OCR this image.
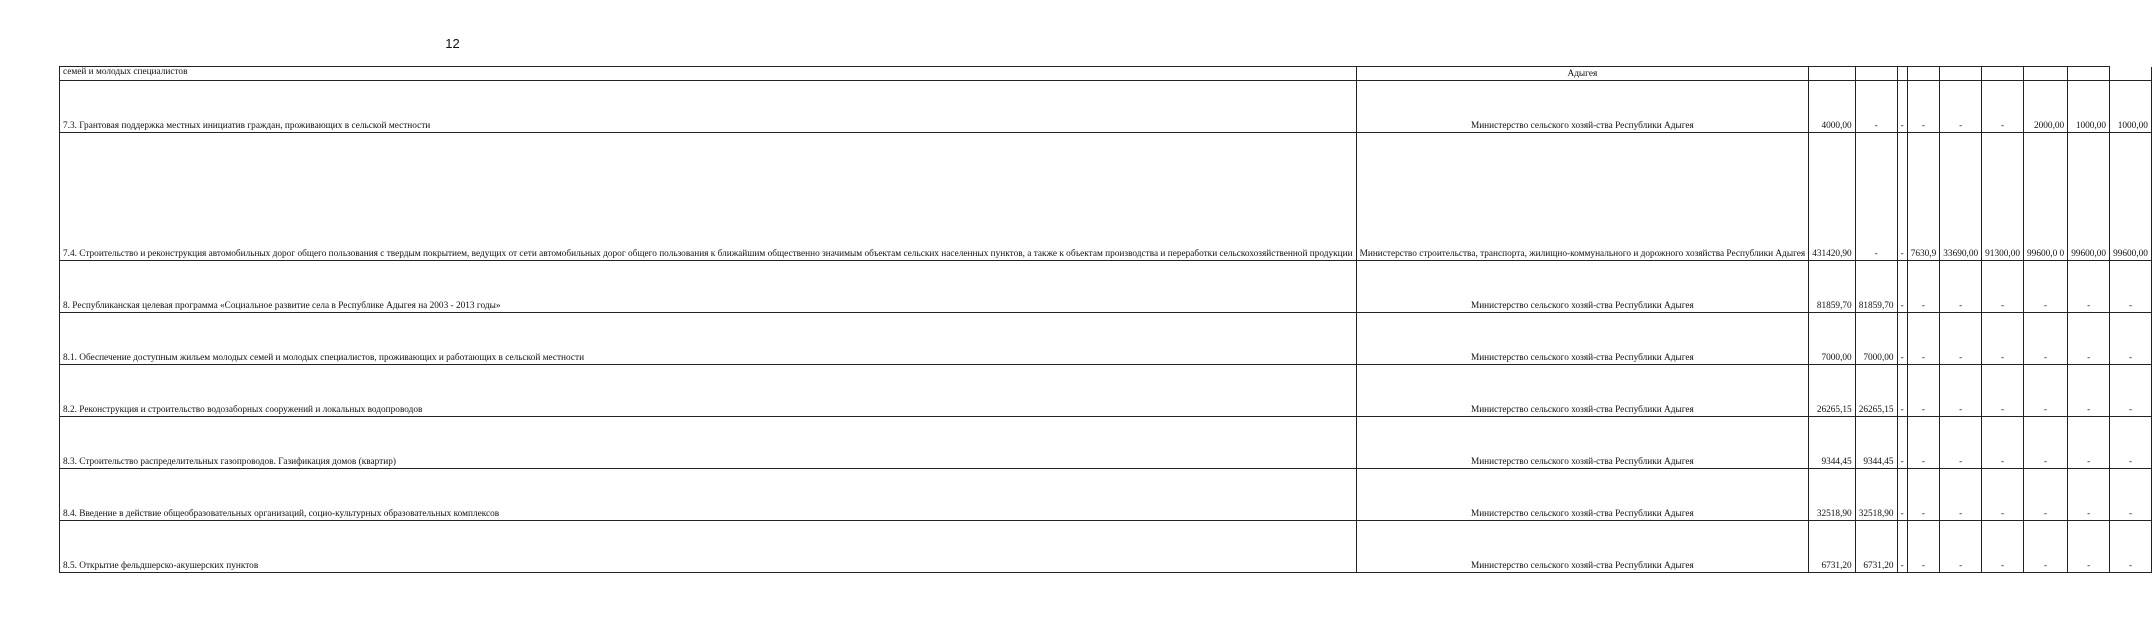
12
семей и молодых специалистов	Адыгея									
7.3. Грантовая поддержка местных инициатив граждан, проживающих в сельской местности	Министерство сельского хозяй-ства Республики Адыгея	4000,00	-	-	-	-	-	2000,00	1000,00	1000,00
7.4. Строительство и реконструкция автомобильных дорог общего пользования с твердым покрытием, ведущих от сети автомобильных дорог общего пользования к ближайшим общественно значимым объектам сельских населенных пунктов, а также к объектам производства и переработки сельскохозяйственной продукции	Министерство строительства, транспорта, жилищно-коммунального и дорожного хозяйства Республики Адыгея	431420,90	-	-	7630,9	33690,00	91300,00	99600,0 0	99600,00	99600,00
8. Республиканская целевая программа «Социальное развитие села в Республике Адыгея на 2003 - 2013 годы»	Министерство сельского хозяй-ства Республики Адыгея	81859,70	81859,70	-	-	-	-	-	-	-
8.1. Обеспечение доступным жильем молодых семей и молодых специалистов, проживающих и работающих в сельской местности	Министерство сельского хозяй-ства Республики Адыгея	7000,00	7000,00	-	-	-	-	-	-	-
8.2. Реконструкция и строительство водозаборных сооружений и локальных водопроводов	Министерство сельского хозяй-ства Республики Адыгея	26265,15	26265,15	-	-	-	-	-	-	-
8.3. Строительство распределительных газопроводов. Газификация домов (квартир)	Министерство сельского хозяй-ства Республики Адыгея	9344,45	9344,45	-	-	-	-	-	-	-
8.4. Введение в действие общеобразовательных организаций, социо-культурных образовательных комплексов	Министерство сельского хозяй-ства Республики Адыгея	32518,90	32518,90	-	-	-	-	-	-	-
8.5. Открытие фельдшерско-акушерских пунктов	Министерство сельского хозяй-ства Республики Адыгея	6731,20	6731,20	-	-	-	-	-	-	-
